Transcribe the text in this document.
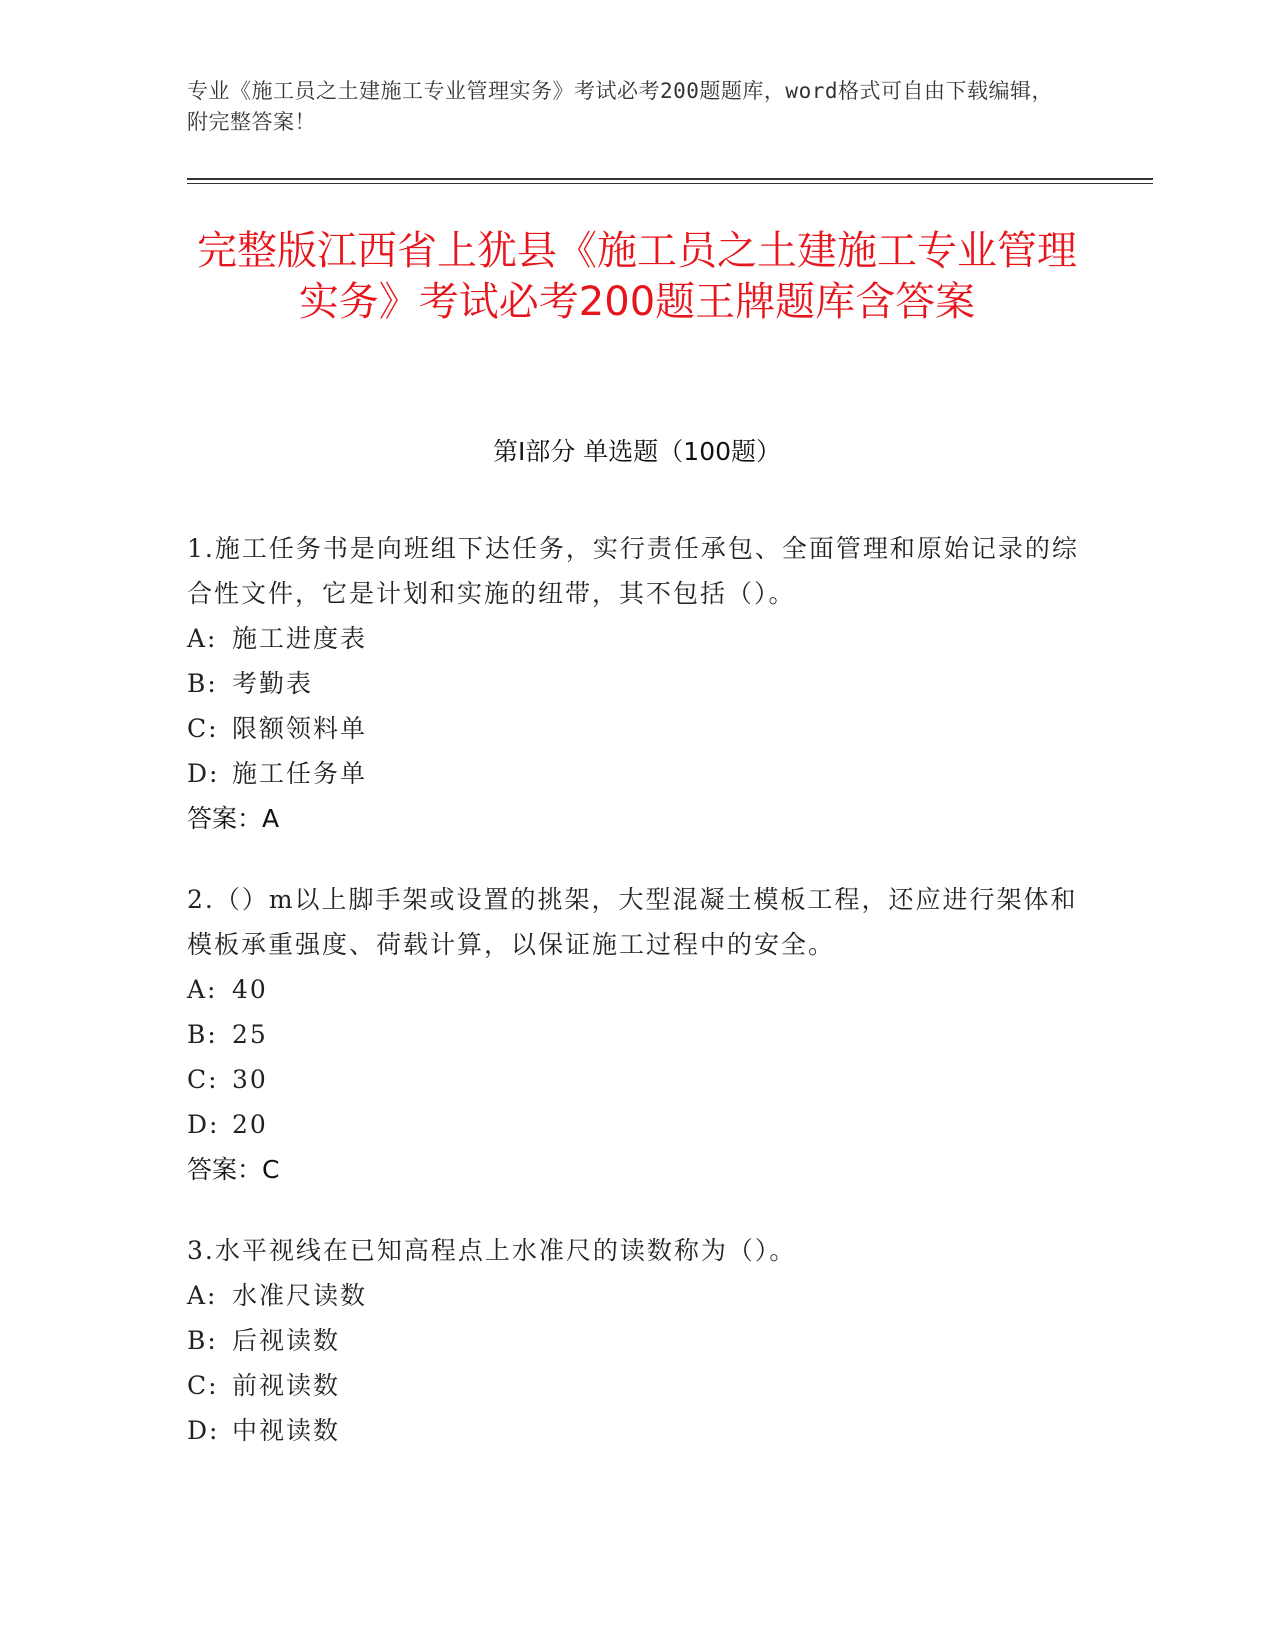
专业《施工员之土建施工专业管理实务》考试必考200题题库，word格式可自由下载编辑，附完整答案！
完整版江西省上犹县《施工员之土建施工专业管理实务》考试必考200题王牌题库含答案
第Ⅰ部分 单选题（100题）

1.施工任务书是向班组下达任务，实行责任承包、全面管理和原始记录的综合性文件，它是计划和实施的纽带，其不包括（）。

A: 施工进度表
B: 考勤表
C: 限额领料单
D: 施工任务单

答案：A

2.（）m以上脚手架或设置的挑架，大型混凝土模板工程，还应进行架体和模板承重强度、荷载计算，以保证施工过程中的安全。

A: 40
B: 25
C: 30
D: 20

答案：C

3.水平视线在已知高程点上水准尺的读数称为（）。

A: 水准尺读数
B: 后视读数
C: 前视读数
D: 中视读数
